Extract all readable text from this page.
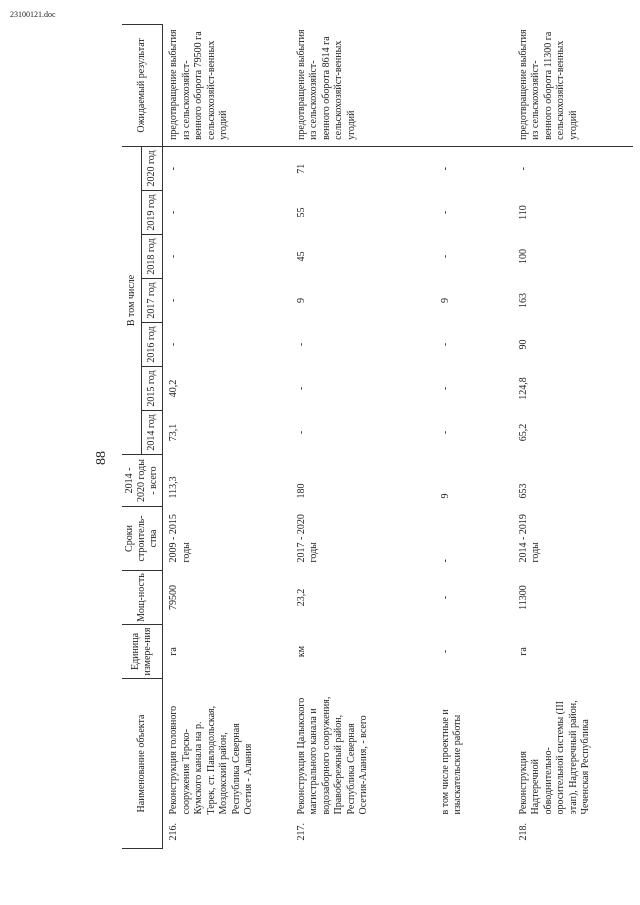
23100121.doc
88
Наименование объекта	Единица измере-ния	Мощ-ность	Сроки строитель-ства	2014 - 2020 годы - всего	В том числе							Ожидаемый результат
					2014 год	2015 год	2016 год	2017 год	2018 год	2019 год	2020 год	
216.Реконструкция головного сооружения Терско-Кумского канала на р. Терек, ст. Павлодольская, Моздокский район, Республика Северная Осетия - Алания	га	79500	2009 - 2015 годы	113,3	73,1	40,2	-	-	-	-	-	предотвращение выбытия из сельскохозяйст-венного оборота 79500 га сельскохозяйст-венных угодий
217.Реконструкция Цалыкского магистрального канала и водозаборного сооружения, Правобережный район, Республика Северная Осетия-Алания, - всего	км	23,2	2017 - 2020 годы	180	-	-	-	9	45	55	71	предотвращение выбытия из сельскохозяйст-венного оборота 8614 га сельскохозяйст-венных угодий
в том числе проектные и изыскательские работы	-	-	-	9	-	-	-	9	-	-	-	
218.Реконструкция Надтеречной обводнительно-оросительной системы (III этап), Надтеречный район, Чеченская Республика	га	11300	2014 - 2019 годы	653	65,2	124,8	90	163	100	110	-	предотвращение выбытия из сельскохозяйст-венного оборота 11300 га сельскохозяйст-венных угодий
